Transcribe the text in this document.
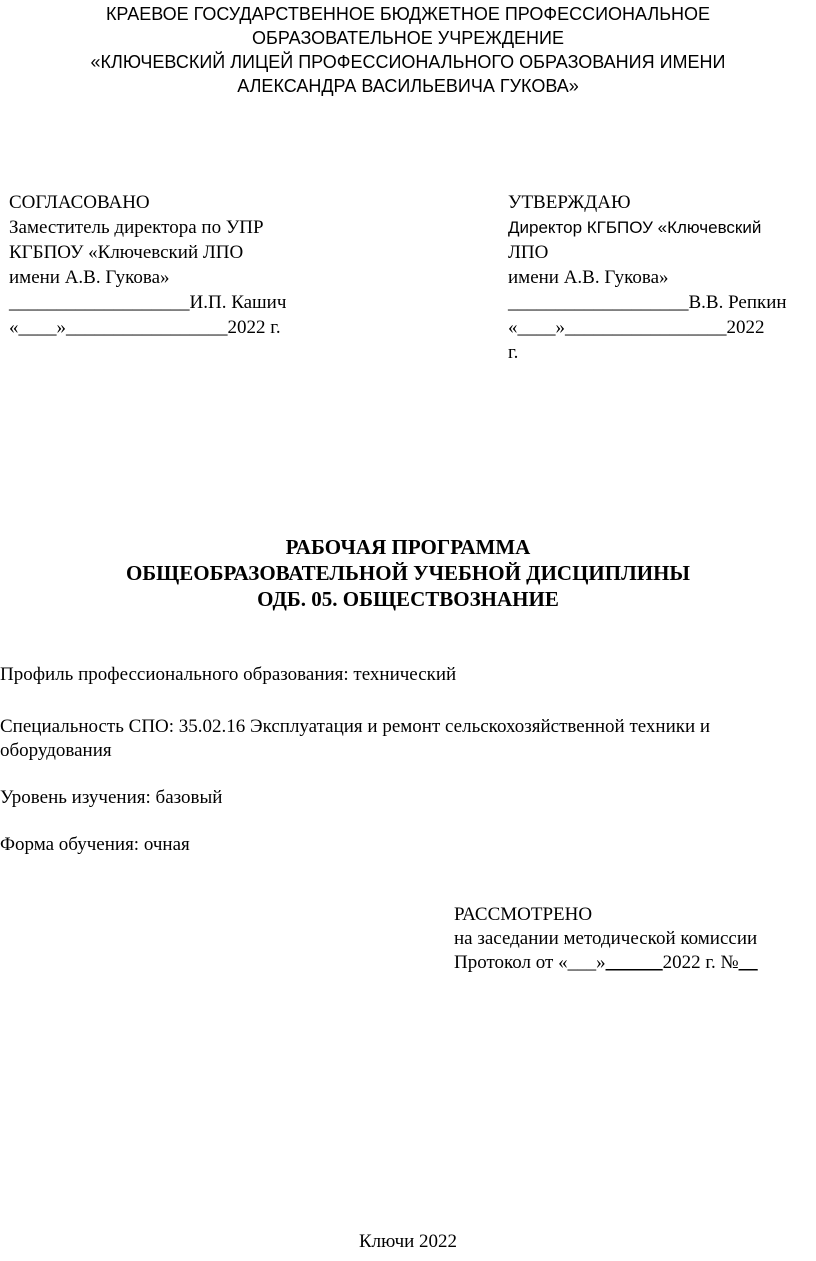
КРАЕВОЕ ГОСУДАРСТВЕННОЕ БЮДЖЕТНОЕ ПРОФЕССИОНАЛЬНОЕ
ОБРАЗОВАТЕЛЬНОЕ УЧРЕЖДЕНИЕ
«КЛЮЧЕВСКИЙ ЛИЦЕЙ ПРОФЕССИОНАЛЬНОГО ОБРАЗОВАНИЯ ИМЕНИ
АЛЕКСАНДРА ВАСИЛЬЕВИЧА ГУКОВА»
СОГЛАСОВАНО
Заместитель директора по УПР
КГБПОУ «Ключевский ЛПО
имени А.В. Гукова»
___________________И.П. Кашич
«____»_________________2022 г.
УТВЕРЖДАЮ
Директор КГБПОУ «Ключевский
ЛПО
имени А.В. Гукова»
___________________В.В. Репкин
«____»_________________2022
г.
РАБОЧАЯ ПРОГРАММА
ОБЩЕОБРАЗОВАТЕЛЬНОЙ УЧЕБНОЙ ДИСЦИПЛИНЫ
ОДБ. 05. ОБЩЕСТВОЗНАНИЕ
Профиль профессионального образования: технический
Специальность СПО: 35.02.16 Эксплуатация и ремонт сельскохозяйственной техники и
оборудования
Уровень изучения: базовый
Форма обучения: очная
РАССМОТРЕНО
на заседании методической комиссии
Протокол от «___»______2022 г. №__
Ключи 2022
